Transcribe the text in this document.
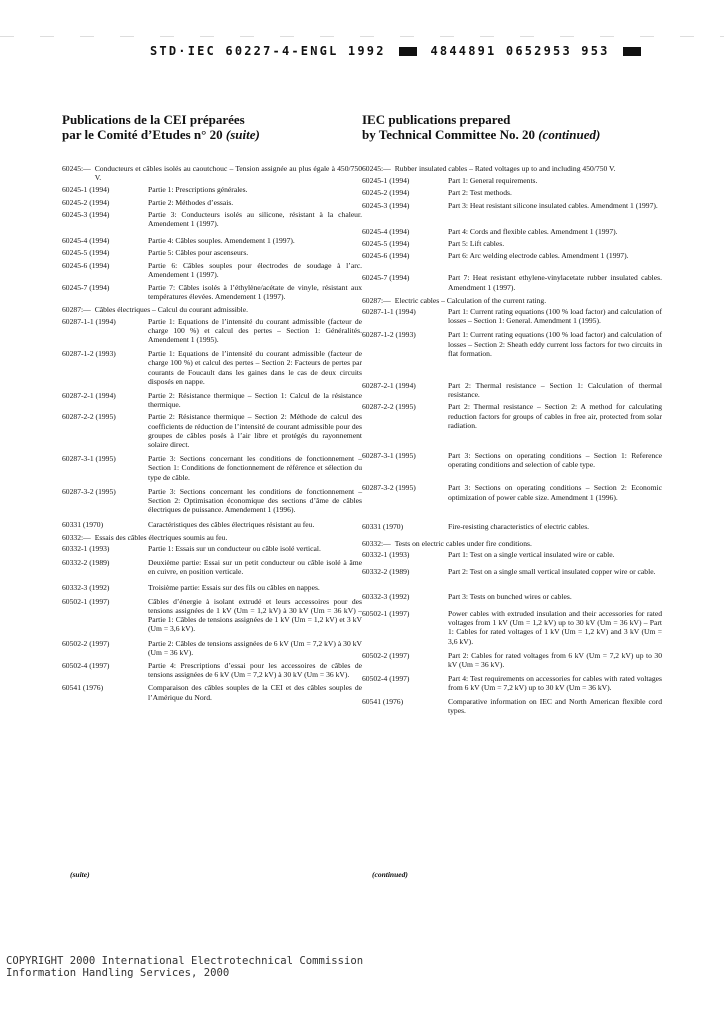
STD·IEC 60227-4-ENGL 1992	4844891 0652953 953
Publications de la CEI préparées
par le Comité d’Etudes n° 20 (suite)
60245:— Conducteurs et câbles isolés au caoutchouc – Tension assignée au plus égale à 450/750 V.
60245-1 (1994)	Partie 1: Prescriptions générales.
60245-2 (1994)	Partie 2: Méthodes d’essais.
60245-3 (1994)	Partie 3: Conducteurs isolés au silicone, résistant à la chaleur. Amendement 1 (1997).
60245-4 (1994)	Partie 4: Câbles souples. Amendement 1 (1997).
60245-5 (1994)	Partie 5: Câbles pour ascenseurs.
60245-6 (1994)	Partie 6: Câbles souples pour électrodes de soudage à l’arc. Amendement 1 (1997).
60245-7 (1994)	Partie 7: Câbles isolés à l’éthylène/acétate de vinyle, résistant aux températures élevées. Amendement 1 (1997).
60287:— Câbles électriques – Calcul du courant admissible.
60287-1-1 (1994)	Partie 1: Equations de l’intensité du courant admissible (facteur de charge 100 %) et calcul des pertes – Section 1: Généralités. Amendement 1 (1995).
60287-1-2 (1993)	Partie 1: Equations de l’intensité du courant admissible (facteur de charge 100 %) et calcul des pertes – Section 2: Facteurs de pertes par courants de Foucault dans les gaines dans le cas de deux circuits disposés en nappe.
60287-2-1 (1994)	Partie 2: Résistance thermique – Section 1: Calcul de la résistance thermique.
60287-2-2 (1995)	Partie 2: Résistance thermique – Section 2: Méthode de calcul des coefficients de réduction de l’intensité de courant admissible pour des groupes de câbles posés à l’air libre et protégés du rayonnement solaire direct.
60287-3-1 (1995)	Partie 3: Sections concernant les conditions de fonctionnement – Section 1: Conditions de fonctionnement de référence et sélection du type de câble.
60287-3-2 (1995)	Partie 3: Sections concernant les conditions de fonctionnement – Section 2: Optimisation économique des sections d’âme de câbles électriques de puissance. Amendement 1 (1996).
60331 (1970)	Caractéristiques des câbles électriques résistant au feu.
60332:— Essais des câbles électriques soumis au feu.
60332-1 (1993)	Partie 1: Essais sur un conducteur ou câble isolé vertical.
60332-2 (1989)	Deuxième partie: Essai sur un petit conducteur ou câble isolé à âme en cuivre, en position verticale.
60332-3 (1992)	Troisième partie: Essais sur des fils ou câbles en nappes.
60502-1 (1997)	Câbles d’énergie à isolant extrudé et leurs accessoires pour des tensions assignées de 1 kV (Um = 1,2 kV) à 30 kV (Um = 36 kV) – Partie 1: Câbles de tensions assignées de 1 kV (Um = 1,2 kV) et 3 kV (Um = 3,6 kV).
60502-2 (1997)	Partie 2: Câbles de tensions assignées de 6 kV (Um = 7,2 kV) à 30 kV (Um = 36 kV).
60502-4 (1997)	Partie 4: Prescriptions d’essai pour les accessoires de câbles de tensions assignées de 6 kV (Um = 7,2 kV) à 30 kV (Um = 36 kV).
60541 (1976)	Comparaison des câbles souples de la CEI et des câbles souples de l’Amérique du Nord.
IEC publications prepared
by Technical Committee No. 20 (continued)
60245:— Rubber insulated cables – Rated voltages up to and including 450/750 V.
60245-1 (1994)	Part 1: General requirements.
60245-2 (1994)	Part 2: Test methods.
60245-3 (1994)	Part 3: Heat resistant silicone insulated cables. Amendment 1 (1997).
60245-4 (1994)	Part 4: Cords and flexible cables. Amendment 1 (1997).
60245-5 (1994)	Part 5: Lift cables.
60245-6 (1994)	Part 6: Arc welding electrode cables. Amendment 1 (1997).
60245-7 (1994)	Part 7: Heat resistant ethylene-vinylacetate rubber insulated cables. Amendment 1 (1997).
60287:— Electric cables – Calculation of the current rating.
60287-1-1 (1994)	Part 1: Current rating equations (100 % load factor) and calculation of losses – Section 1: General. Amendment 1 (1995).
60287-1-2 (1993)	Part 1: Current rating equations (100 % load factor) and calculation of losses – Section 2: Sheath eddy current loss factors for two circuits in flat formation.
60287-2-1 (1994)	Part 2: Thermal resistance – Section 1: Calculation of thermal resistance.
60287-2-2 (1995)	Part 2: Thermal resistance – Section 2: A method for calculating reduction factors for groups of cables in free air, protected from solar radiation.
60287-3-1 (1995)	Part 3: Sections on operating conditions – Section 1: Reference operating conditions and selection of cable type.
60287-3-2 (1995)	Part 3: Sections on operating conditions – Section 2: Economic optimization of power cable size. Amendment 1 (1996).
60331 (1970)	Fire-resisting characteristics of electric cables.
60332:— Tests on electric cables under fire conditions.
60332-1 (1993)	Part 1: Test on a single vertical insulated wire or cable.
60332-2 (1989)	Part 2: Test on a single small vertical insulated copper wire or cable.
60332-3 (1992)	Part 3: Tests on bunched wires or cables.
60502-1 (1997)	Power cables with extruded insulation and their accessories for rated voltages from 1 kV (Um = 1,2 kV) up to 30 kV (Um = 36 kV) – Part 1: Cables for rated voltages of 1 kV (Um = 1,2 kV) and 3 kV (Um = 3,6 kV).
60502-2 (1997)	Part 2: Cables for rated voltages from 6 kV (Um = 7,2 kV) up to 30 kV (Um = 36 kV).
60502-4 (1997)	Part 4: Test requirements on accessories for cables with rated voltages from 6 kV (Um = 7,2 kV) up to 30 kV (Um = 36 kV).
60541 (1976)	Comparative information on IEC and North American flexible cord types.
(suite)	(continued)
COPYRIGHT 2000 International Electrotechnical Commission
Information Handling Services, 2000
